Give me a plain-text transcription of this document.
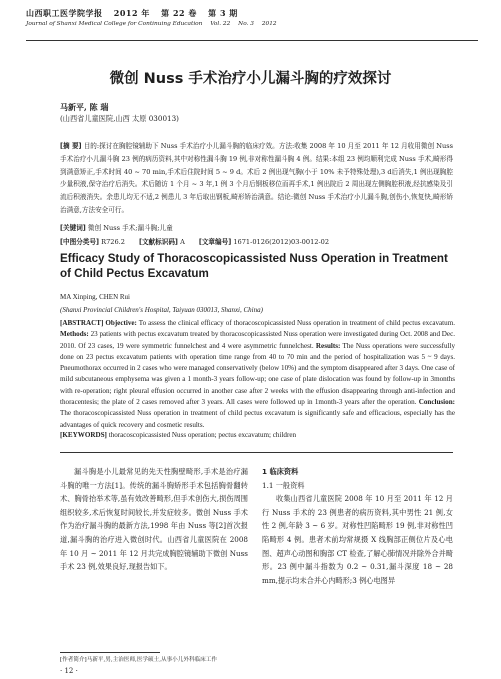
山西职工医学院学报 2012 年 第 22 卷 第 3 期
Journal of Shanxi Medical College for Continuing Education Vol. 22 No. 3 2012
微创 Nuss 手术治疗小儿漏斗胸的疗效探讨
马新平, 陈 瑞
(山西省儿童医院,山西 太原 030013)
[摘 要] 目的:探讨在胸腔镜辅助下 Nuss 手术治疗小儿漏斗胸的临床疗效。方法:收集 2008 年 10 月至 2011 年 12 月收用微创 Nuss 手术治疗小儿漏斗胸 23 例的病历资料,其中对称性漏斗胸 19 例,非对称性漏斗胸 4 例。结果:本组 23 例均顺利完成 Nuss 手术,畸形得到满意矫正,手术时间 40 ~ 70 min,手术后住院时间 5 ~ 9 d。术后 2 例出现气胸(小于 10% 未予特殊处理),3 d后消失,1 例出现胸腔少量积液,保守治疗后消失。术后随访 1 个月 ~ 3 年,1 例 3 个月后钢板移位而再手术,1 例出院后 2 周出现左侧胸腔积液,经抗感染及引流后积液消失。余患儿均无不适,2 例患儿 3 年后取出钢板,畸形矫治满意。结论:微创 Nuss 手术治疗小儿漏斗胸,创伤小,恢复快,畸形矫治满意,方法安全可行。
[关键词] 微创 Nuss 手术;漏斗胸;儿童
[中图分类号] R726.2 [文献标识码] A [文章编号] 1671-0126(2012)03-0012-02
Efficacy Study of Thoracoscopicassisted Nuss Operation in Treatment of Child Pectus Excavatum
MA Xinping, CHEN Rui
(Shanxi Provincial Children's Hospital, Taiyuan 030013, Shanxi, China)
[ABSTRACT] Objective: To assess the clinical efficacy of thoracoscopicassisted Nuss operation in treatment of child pectus excavatum. Methods: 23 patients with pectus excavatum treated by thoracoscopicassisted Nuss operation were investigated during Oct. 2008 and Dec. 2010. Of 23 cases, 19 were symmetric funnelchest and 4 were asymmetric funnelchest. Results: The Nuss operations were successfully done on 23 pectus excavatum patients with operation time range from 40 to 70 min and the period of hospitalization was 5 ~ 9 days. Pneumothorax occurred in 2 cases who were managed conservatively (below 10%) and the symptom disappeared after 3 days. One case of mild subcutaneous emphysema was given a 1 month-3 years follow-up; one case of plate dislocation was found by follow-up in 3months with re-operation; right pleural effusion occurred in another case after 2 weeks with the effusion disappearing through anti-infection and thoracentesis; the plate of 2 cases removed after 3 years. All cases were followed up in 1month-3 years after the operation. Conclusion: The thoracoscopicassisted Nuss operation in treatment of child pectus excavatum is significantly safe and efficacious, especially has the advantages of quick recovery and cosmetic results.
[KEYWORDS] thoracoscopicassisted Nuss operation; pectus excavatum; children
漏斗胸是小儿最常见的先天性胸壁畸形,手术是治疗漏斗胸的唯一方法[1]。传统的漏斗胸矫形手术包括胸骨翻转术、胸骨抬举术等,虽有效改善畸形,但手术创伤大,损伤周围组织较多,术后恢复时间较长,并发症较多。微创 Nuss 手术作为治疗漏斗胸的最新方法,1998 年由 Nuss 等[2]首次报道,漏斗胸的治疗进入微创时代。山西省儿童医院在 2008 年 10 月 ~ 2011 年 12 月共完成胸腔镜辅助下微创 Nuss 手术 23 例,效果良好,现报告如下。
1 临床资料
1.1 一般资料
收集山西省儿童医院 2008 年 10 月至 2011 年 12 月行 Nuss 手术的 23 例患者的病历资料,其中男性 21 例,女性 2 例,年龄 3 ~ 6 岁。对称性凹陷畸形 19 例,非对称性凹陷畸形 4 例。患者术前均常规摄 X 线胸部正侧位片及心电图、超声心动图和胸部 CT 检查,了解心肺情况并除外合并畸形。23 例中漏斗指数为 0.2 ~ 0.31,漏斗深度 18 ~ 28 mm,提示均未合并心内畸形;3 例心电图异
[作者简介]马新平,男,主治医师,医学硕士,从事小儿外科临床工作
· 12 ·
